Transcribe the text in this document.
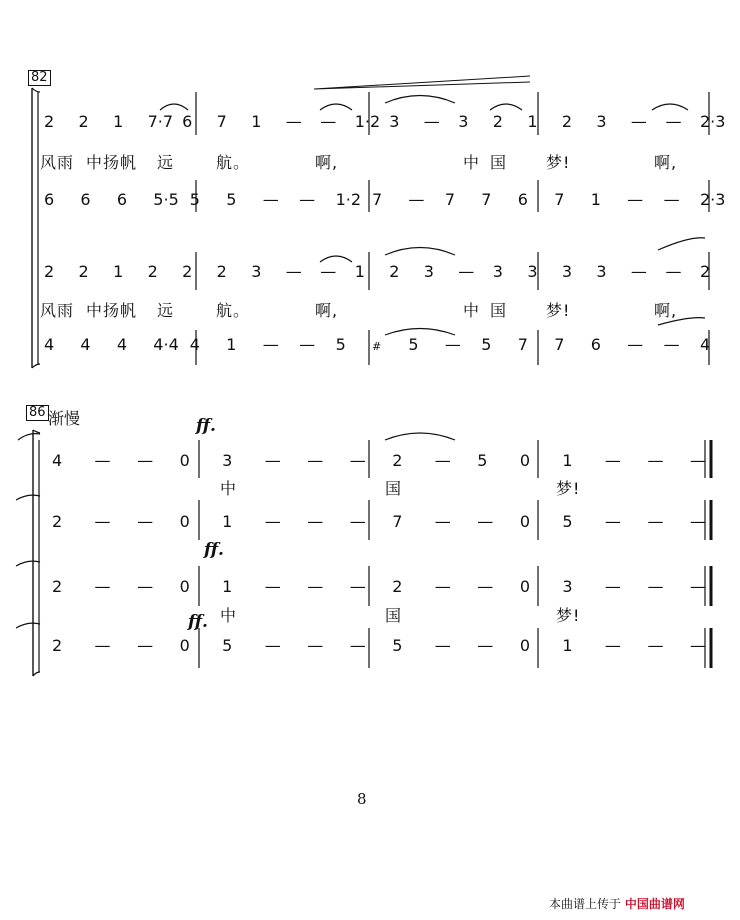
82
86 渐慢	ff.
ff.
ff.
8
本曲谱上传于 中国曲谱网
风雨 中扬帆 远	航。	啊,	中 国 梦!	啊,
风雨 中扬帆 远	航。	啊,	中 国 梦!	啊,
中	国	梦!
中	国	梦!
2 2 1 7·7 6 7 1 — — 1·2 3 — 3 2 1 2 3 — — 2·3
6 6 6 5·5 5 5 — — 1·2 7 — 7 7 6 7 1 — — 2·3
2 2 1 2 2 2 3 — — 1 2 3 — 3 3 3 3 — — 2
4 4 4 4·4 4 1 — — 5 # 5 — 5 7 7 6 — — 4
4 — — 0 3 — — — 2 — 5 0 1 — — —
2 — — 0 1 — — — 7 — — 0 5 — — —
2 — — 0 1 — — — 2 — — 0 3 — — —
2 — — 0 5 — — — 5 — — 0 1 — — —
